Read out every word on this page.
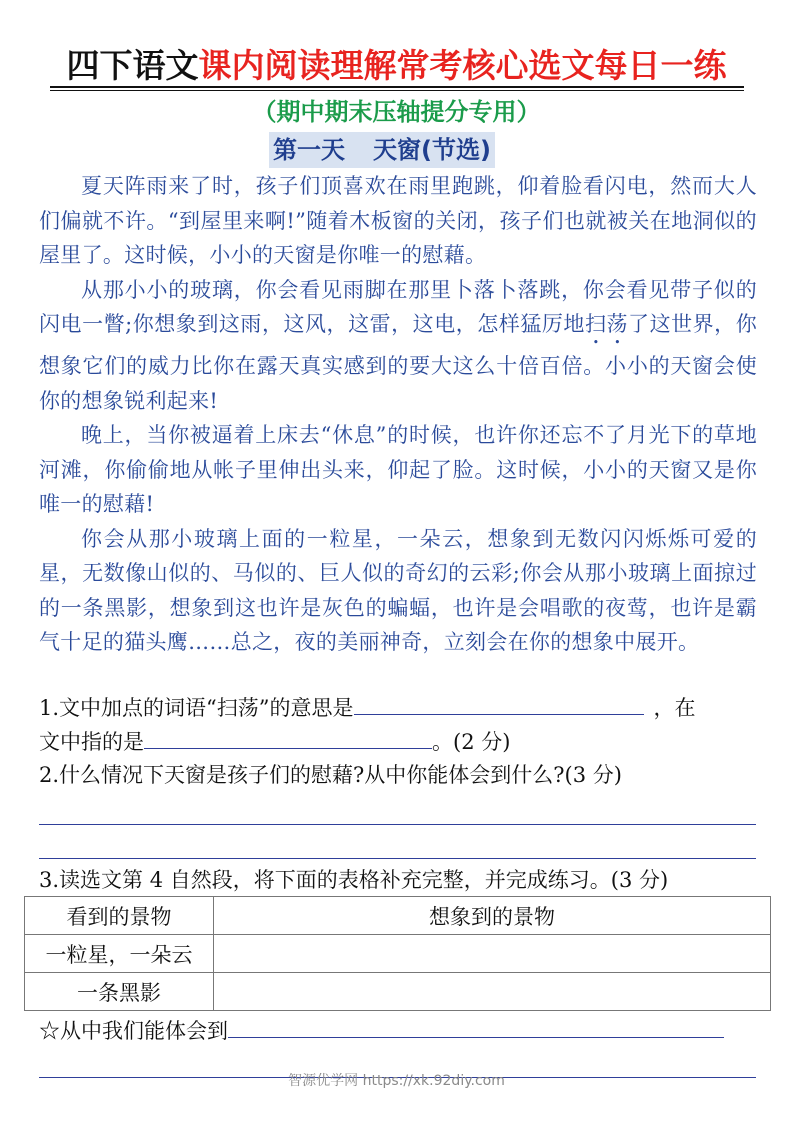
四下语文课内阅读理解常考核心选文每日一练
（期中期末压轴提分专用）
第一天 天窗(节选)

夏天阵雨来了时，孩子们顶喜欢在雨里跑跳，仰着脸看闪电，然而大人们偏就不许。“到屋里来啊!”随着木板窗的关闭，孩子们也就被关在地洞似的屋里了。这时候，小小的天窗是你唯一的慰藉。

从那小小的玻璃，你会看见雨脚在那里卜落卜落跳，你会看见带子似的闪电一瞥;你想象到这雨，这风，这雷，这电，怎样猛厉地扫荡了这世界，你想象它们的威力比你在露天真实感到的要大这么十倍百倍。小小的天窗会使你的想象锐利起来!

晚上，当你被逼着上床去“休息”的时候，也许你还忘不了月光下的草地河滩，你偷偷地从帐子里伸出头来，仰起了脸。这时候，小小的天窗又是你唯一的慰藉!

你会从那小玻璃上面的一粒星，一朵云，想象到无数闪闪烁烁可爱的星，无数像山似的、马似的、巨人似的奇幻的云彩;你会从那小玻璃上面掠过的一条黑影，想象到这也许是灰色的蝙蝠，也许是会唱歌的夜莺，也许是霸气十足的猫头鹰……总之，夜的美丽神奇，立刻会在你的想象中展开。

1.文中加点的词语“扫荡”的意思是	，在
文中指的是	。(2 分)
2.什么情况下天窗是孩子们的慰藉?从中你能体会到什么?(3 分)
3.读选文第 4 自然段，将下面的表格补充完整，并完成练习。(3 分)
看到的景物	想象到的景物
一粒星，一朵云	
一条黑影	
☆从中我们能体会到
智源优学网 https://xk.92diy.com
